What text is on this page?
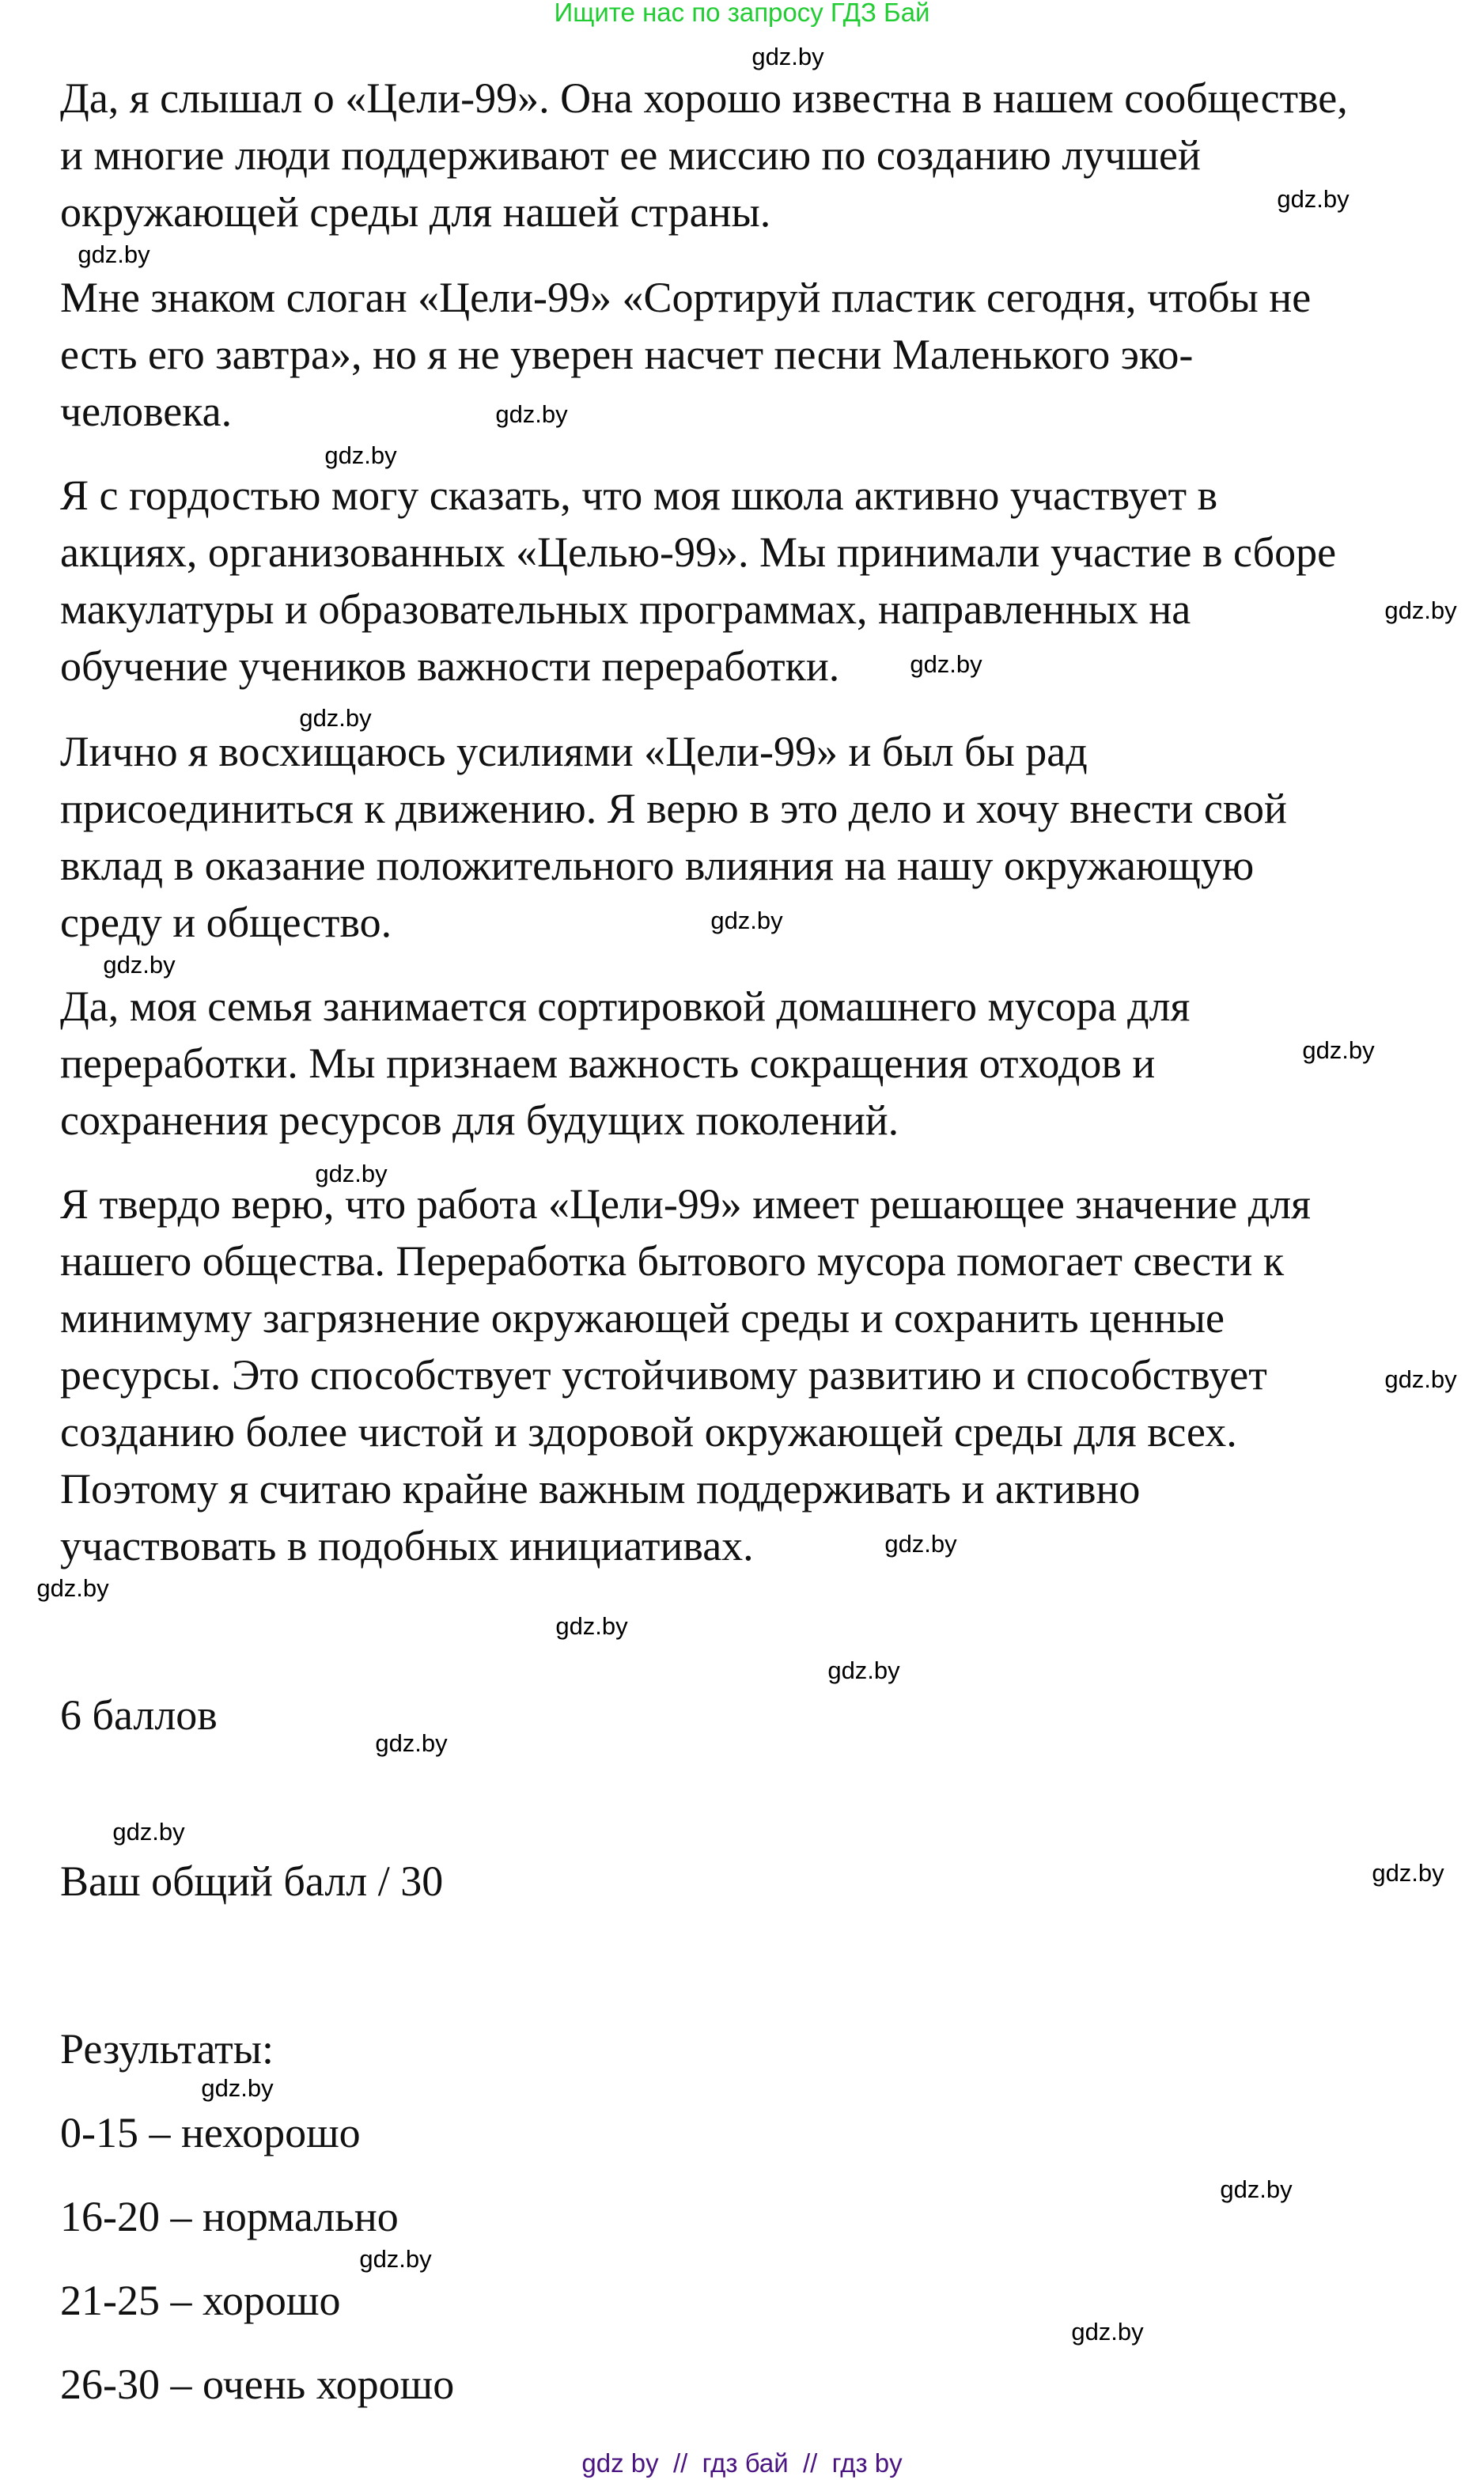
Ищите нас по запросу ГДЗ Бай
Да, я слышал о «Цели-99». Она хорошо известна в нашем сообществе,
и многие люди поддерживают ее миссию по созданию лучшей
окружающей среды для нашей страны.
Мне знаком слоган «Цели-99» «Сортируй пластик сегодня, чтобы не
есть его завтра», но я не уверен насчет песни Маленького эко-
человека.
Я с гордостью могу сказать, что моя школа активно участвует в
акциях, организованных «Целью-99». Мы принимали участие в сборе
макулатуры и образовательных программах, направленных на
обучение учеников важности переработки.
Лично я восхищаюсь усилиями «Цели-99» и был бы рад
присоединиться к движению. Я верю в это дело и хочу внести свой
вклад в оказание положительного влияния на нашу окружающую
среду и общество.
Да, моя семья занимается сортировкой домашнего мусора для
переработки. Мы признаем важность сокращения отходов и
сохранения ресурсов для будущих поколений.
Я твердо верю, что работа «Цели-99» имеет решающее значение для
нашего общества. Переработка бытового мусора помогает свести к
минимуму загрязнение окружающей среды и сохранить ценные
ресурсы. Это способствует устойчивому развитию и способствует
созданию более чистой и здоровой окружающей среды для всех.
Поэтому я считаю крайне важным поддерживать и активно
участвовать в подобных инициативах.
6 баллов
Ваш общий балл / 30
Результаты:
0-15 – нехорошо
16-20 – нормально
21-25 – хорошо
26-30 – очень хорошо
gdz.by
gdz.by
gdz.by
gdz.by
gdz.by
gdz.by
gdz.by
gdz.by
gdz.by
gdz.by
gdz.by
gdz.by
gdz.by
gdz.by
gdz.by
gdz.by
gdz.by
gdz.by
gdz.by
gdz.by
gdz.by
gdz.by
gdz.by
gdz.by
gdz by  //  гдз бай  //  гдз by
